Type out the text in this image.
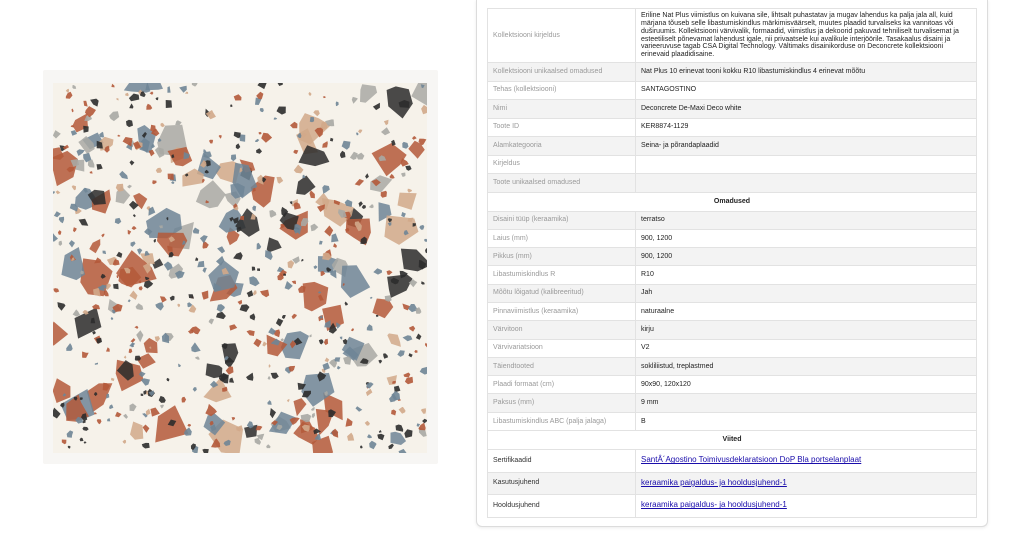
Kollektsiooni kirjeldus	Eriline Nat Plus viimistlus on kuivana sile, lihtsalt puhastatav ja mugav lahendus ka paljа jala all, kuid märjana tõuseb selle libastumiskindlus märkimisväärselt, muutes plaadid turvaliseks ka vannitoas või duširuumis. Kollektsiooni värvivalik, formaadid, viimistlus ja dekoorid pakuvad tehniliselt turvalisemat ja esteetiliselt põnevamat lahendust igale, nii privaatsele kui avalikule interjöörile. Tasakaalus disaini ja varieeruvuse tagab CSA Digital Technology. Vältimaks disainikorduse on Deconcrete kollektsiooni erinevaid plaadidisaine.
Kollektsiooni unikaalsed omadused	Nat Plus 10 erinevat tooni kokku R10 libastumiskindlus 4 erinevat mõõtu
Tehas (kollektsiooni)	SANTAGOSTINO
Nimi	Deconcrete De-Maxi Deco white
Toote ID	KER8874-1129
Alamkategooria	Seina- ja põrandaplaadid
Kirjeldus	
Toote unikaalsed omadused	
Omadused	
Disaini tüüp (keraamika)	terratso
Laius (mm)	900, 1200
Pikkus (mm)	900, 1200
Libastumiskindlus R	R10
Mõõtu lõigatud (kalibreeritud)	Jah
Pinnaviimistlus (keraamika)	naturaalne
Värvitoon	kirju
Värvivariatsioon	V2
Täiendtooted	sokliliistud, treplastmed
Plaadi formaat (cm)	90x90, 120x120
Paksus (mm)	9 mm
Libastumiskindlus ABC (palja jalaga)	B
Viited	
Sertifikaadid	SantÂ´Agostino Toimivusdeklaratsioon DoP Bla portselanplaat
Kasutusjuhend	keraamika paigaldus- ja hooldusjuhend-1
Hooldusjuhend	keraamika paigaldus- ja hooldusjuhend-1
